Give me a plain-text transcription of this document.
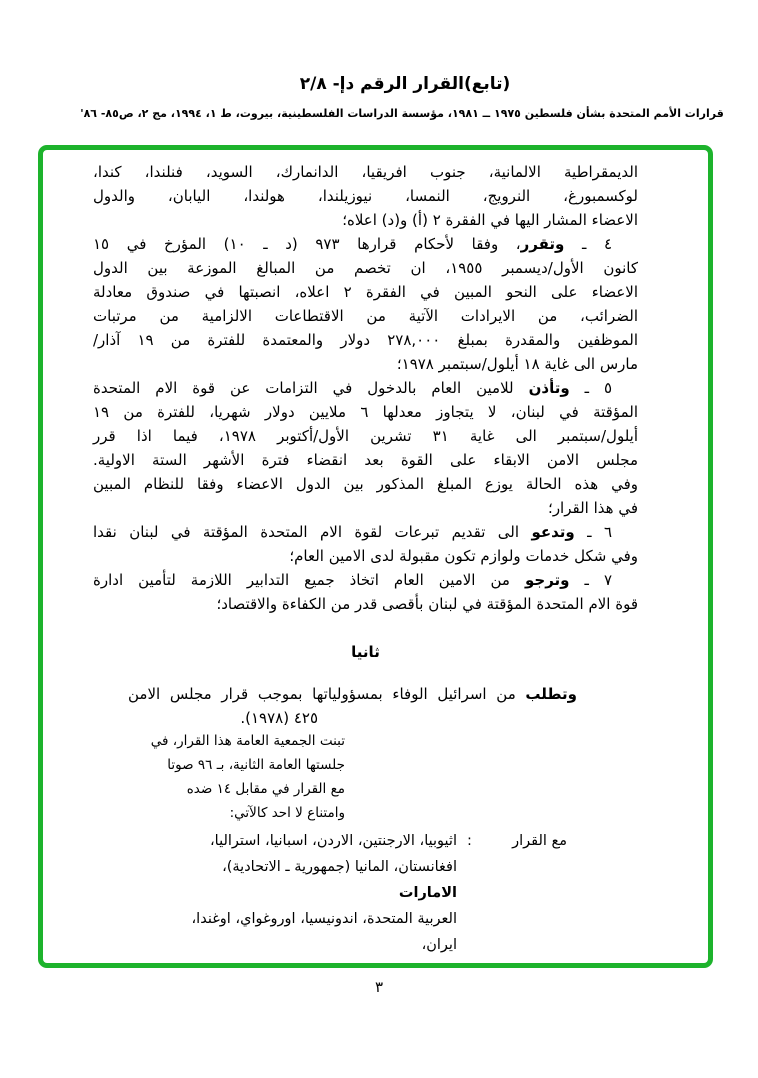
(تابع)القرار الرقم دإ- ٢/٨
قرارات الأمم المتحدة بشأن فلسطين ١٩٧٥ ــ ١٩٨١، مؤسسة الدراسات الفلسطينية، بيروت، ط ١، ١٩٩٤، مج ٢، ص٨٥- ٨٦'
الديمقراطية الالمانية، جنوب افريقيا، الدانمارك، السويد، فنلندا، كندا،
لوكسمبورغ، النرويج، النمسا، نيوزيلندا، هولندا، اليابان، والدول
الاعضاء المشار اليها في الفقرة ٢ (أ) و(د) اعلاه؛
٤ ـ وتقرر، وفقا لأحكام قرارها ٩٧٣ (د ـ ١٠) المؤرخ في ١٥
كانون الأول/ديسمبر ١٩٥٥، ان تخصم من المبالغ الموزعة بين الدول
الاعضاء على النحو المبين في الفقرة ٢ اعلاه، انصبتها في صندوق معادلة
الضرائب، من الايرادات الآتية من الاقتطاعات الالزامية من مرتبات
الموظفين والمقدرة بمبلغ ٢٧٨,٠٠٠ دولار والمعتمدة للفترة من ١٩ آذار/
مارس الى غاية ١٨ أيلول/سبتمبر ١٩٧٨؛
٥ ـ وتأذن للامين العام بالدخول في التزامات عن قوة الام المتحدة
المؤقتة في لبنان، لا يتجاوز معدلها ٦ ملايين دولار شهريا، للفترة من ١٩
أيلول/سبتمبر الى غاية ٣١ تشرين الأول/أكتوبر ١٩٧٨، فيما اذا قرر
مجلس الامن الابقاء على القوة بعد انقضاء فترة الأشهر الستة الاولية.
وفي هذه الحالة يوزع المبلغ المذكور بين الدول الاعضاء وفقا للنظام المبين
في هذا القرار؛
٦ ـ وتدعو الى تقديم تبرعات لقوة الام المتحدة المؤقتة في لبنان نقدا
وفي شكل خدمات ولوازم تكون مقبولة لدى الامين العام؛
٧ ـ وترجو من الامين العام اتخاذ جميع التدابير اللازمة لتأمين ادارة
قوة الام المتحدة المؤقتة في لبنان بأقصى قدر من الكفاءة والاقتصاد؛
ثانيا
وتطلب من اسرائيل الوفاء بمسؤولياتها بموجب قرار مجلس الامن
٤٢٥ (١٩٧٨).
تبنت الجمعية العامة هذا القرار، في
جلستها العامة الثانية، بـ ٩٦ صوتا
مع القرار في مقابل ١٤ ضده
وامتناع لا احد كالآتي:
مع القرار
:
اثيوبيا، الارجنتين، الاردن، اسبانيا، استراليا،
افغانستان، المانيا (جمهورية ـ الاتحادية)، الامارات
العربية المتحدة، اندونيسيا، اوروغواي، اوغندا، ايران،
٣
